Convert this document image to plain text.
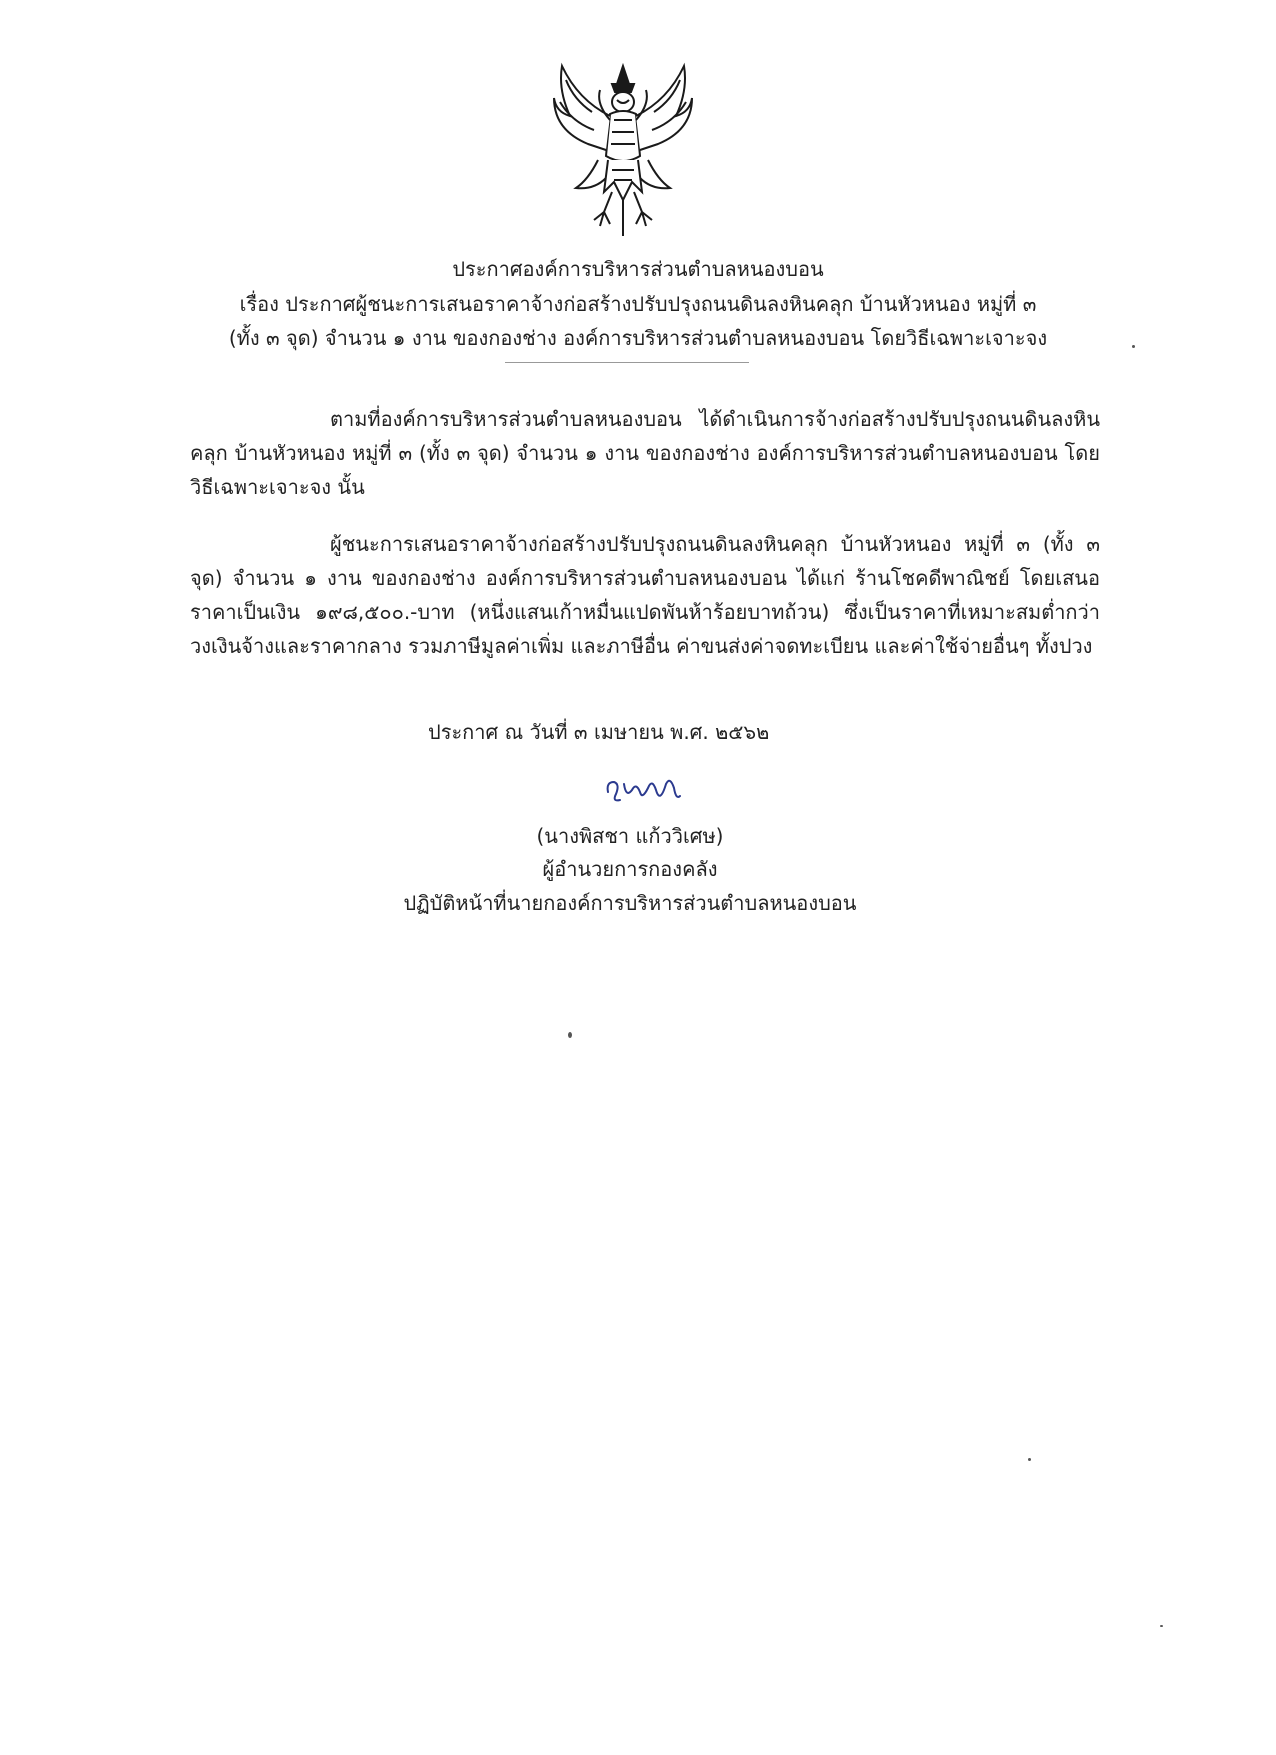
ประกาศองค์การบริหารส่วนตำบลหนองบอน
เรื่อง ประกาศผู้ชนะการเสนอราคาจ้างก่อสร้างปรับปรุงถนนดินลงหินคลุก บ้านหัวหนอง หมู่ที่ ๓
(ทั้ง ๓ จุด) จำนวน ๑ งาน ของกองช่าง องค์การบริหารส่วนตำบลหนองบอน โดยวิธีเฉพาะเจาะจง
ตามที่องค์การบริหารส่วนตำบลหนองบอน ได้ดำเนินการจ้างก่อสร้างปรับปรุงถนนดินลงหินคลุก บ้านหัวหนอง หมู่ที่ ๓ (ทั้ง ๓ จุด) จำนวน ๑ งาน ของกองช่าง องค์การบริหารส่วนตำบลหนองบอน โดยวิธีเฉพาะเจาะจง นั้น
ผู้ชนะการเสนอราคาจ้างก่อสร้างปรับปรุงถนนดินลงหินคลุก บ้านหัวหนอง หมู่ที่ ๓ (ทั้ง ๓ จุด) จำนวน ๑ งาน ของกองช่าง องค์การบริหารส่วนตำบลหนองบอน ได้แก่ ร้านโชคดีพาณิชย์ โดยเสนอราคาเป็นเงิน ๑๙๘,๕๐๐.-บาท (หนึ่งแสนเก้าหมื่นแปดพันห้าร้อยบาทถ้วน) ซึ่งเป็นราคาที่เหมาะสมต่ำกว่าวงเงินจ้างและราคากลาง รวมภาษีมูลค่าเพิ่ม และภาษีอื่น ค่าขนส่งค่าจดทะเบียน และค่าใช้จ่ายอื่นๆ ทั้งปวง
ประกาศ ณ วันที่ ๓ เมษายน พ.ศ. ๒๕๖๒
(นางพิสชา แก้ววิเศษ)
ผู้อำนวยการกองคลัง
ปฏิบัติหน้าที่นายกองค์การบริหารส่วนตำบลหนองบอน
